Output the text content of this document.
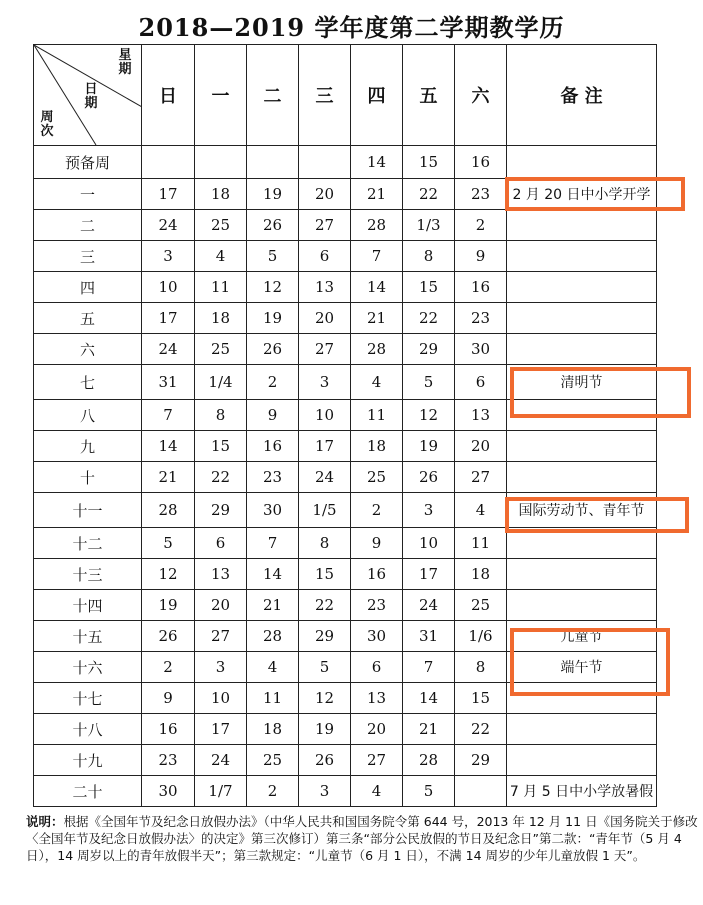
2018—2019 学年度第二学期教学历
星期
日期
周次	日	一	二	三	四	五	六	备 注
预备周					14	15	16	
一	17	18	19	20	21	22	23	2 月 20 日中小学开学
二	24	25	26	27	28	1/3	2	
三	3	4	5	6	7	8	9	
四	10	11	12	13	14	15	16	
五	17	18	19	20	21	22	23	
六	24	25	26	27	28	29	30	
七	31	1/4	2	3	4	5	6	清明节
八	7	8	9	10	11	12	13	
九	14	15	16	17	18	19	20	
十	21	22	23	24	25	26	27	
十一	28	29	30	1/5	2	3	4	国际劳动节、青年节
十二	5	6	7	8	9	10	11	
十三	12	13	14	15	16	17	18	
十四	19	20	21	22	23	24	25	
十五	26	27	28	29	30	31	1/6	儿童节
十六	2	3	4	5	6	7	8	端午节
十七	9	10	11	12	13	14	15	
十八	16	17	18	19	20	21	22	
十九	23	24	25	26	27	28	29	
二十	30	1/7	2	3	4	5		7 月 5 日中小学放暑假
说明：根据《全国年节及纪念日放假办法》（中华人民共和国国务院令第 644 号，2013 年 12 月 11 日《国务院关于修改〈全国年节及纪念日放假办法〉的决定》第三次修订）第三条“部分公民放假的节日及纪念日”第二款：“青年节（5 月 4 日），14 周岁以上的青年放假半天”；第三款规定：“儿童节（6 月 1 日），不满 14 周岁的少年儿童放假 1 天”。
